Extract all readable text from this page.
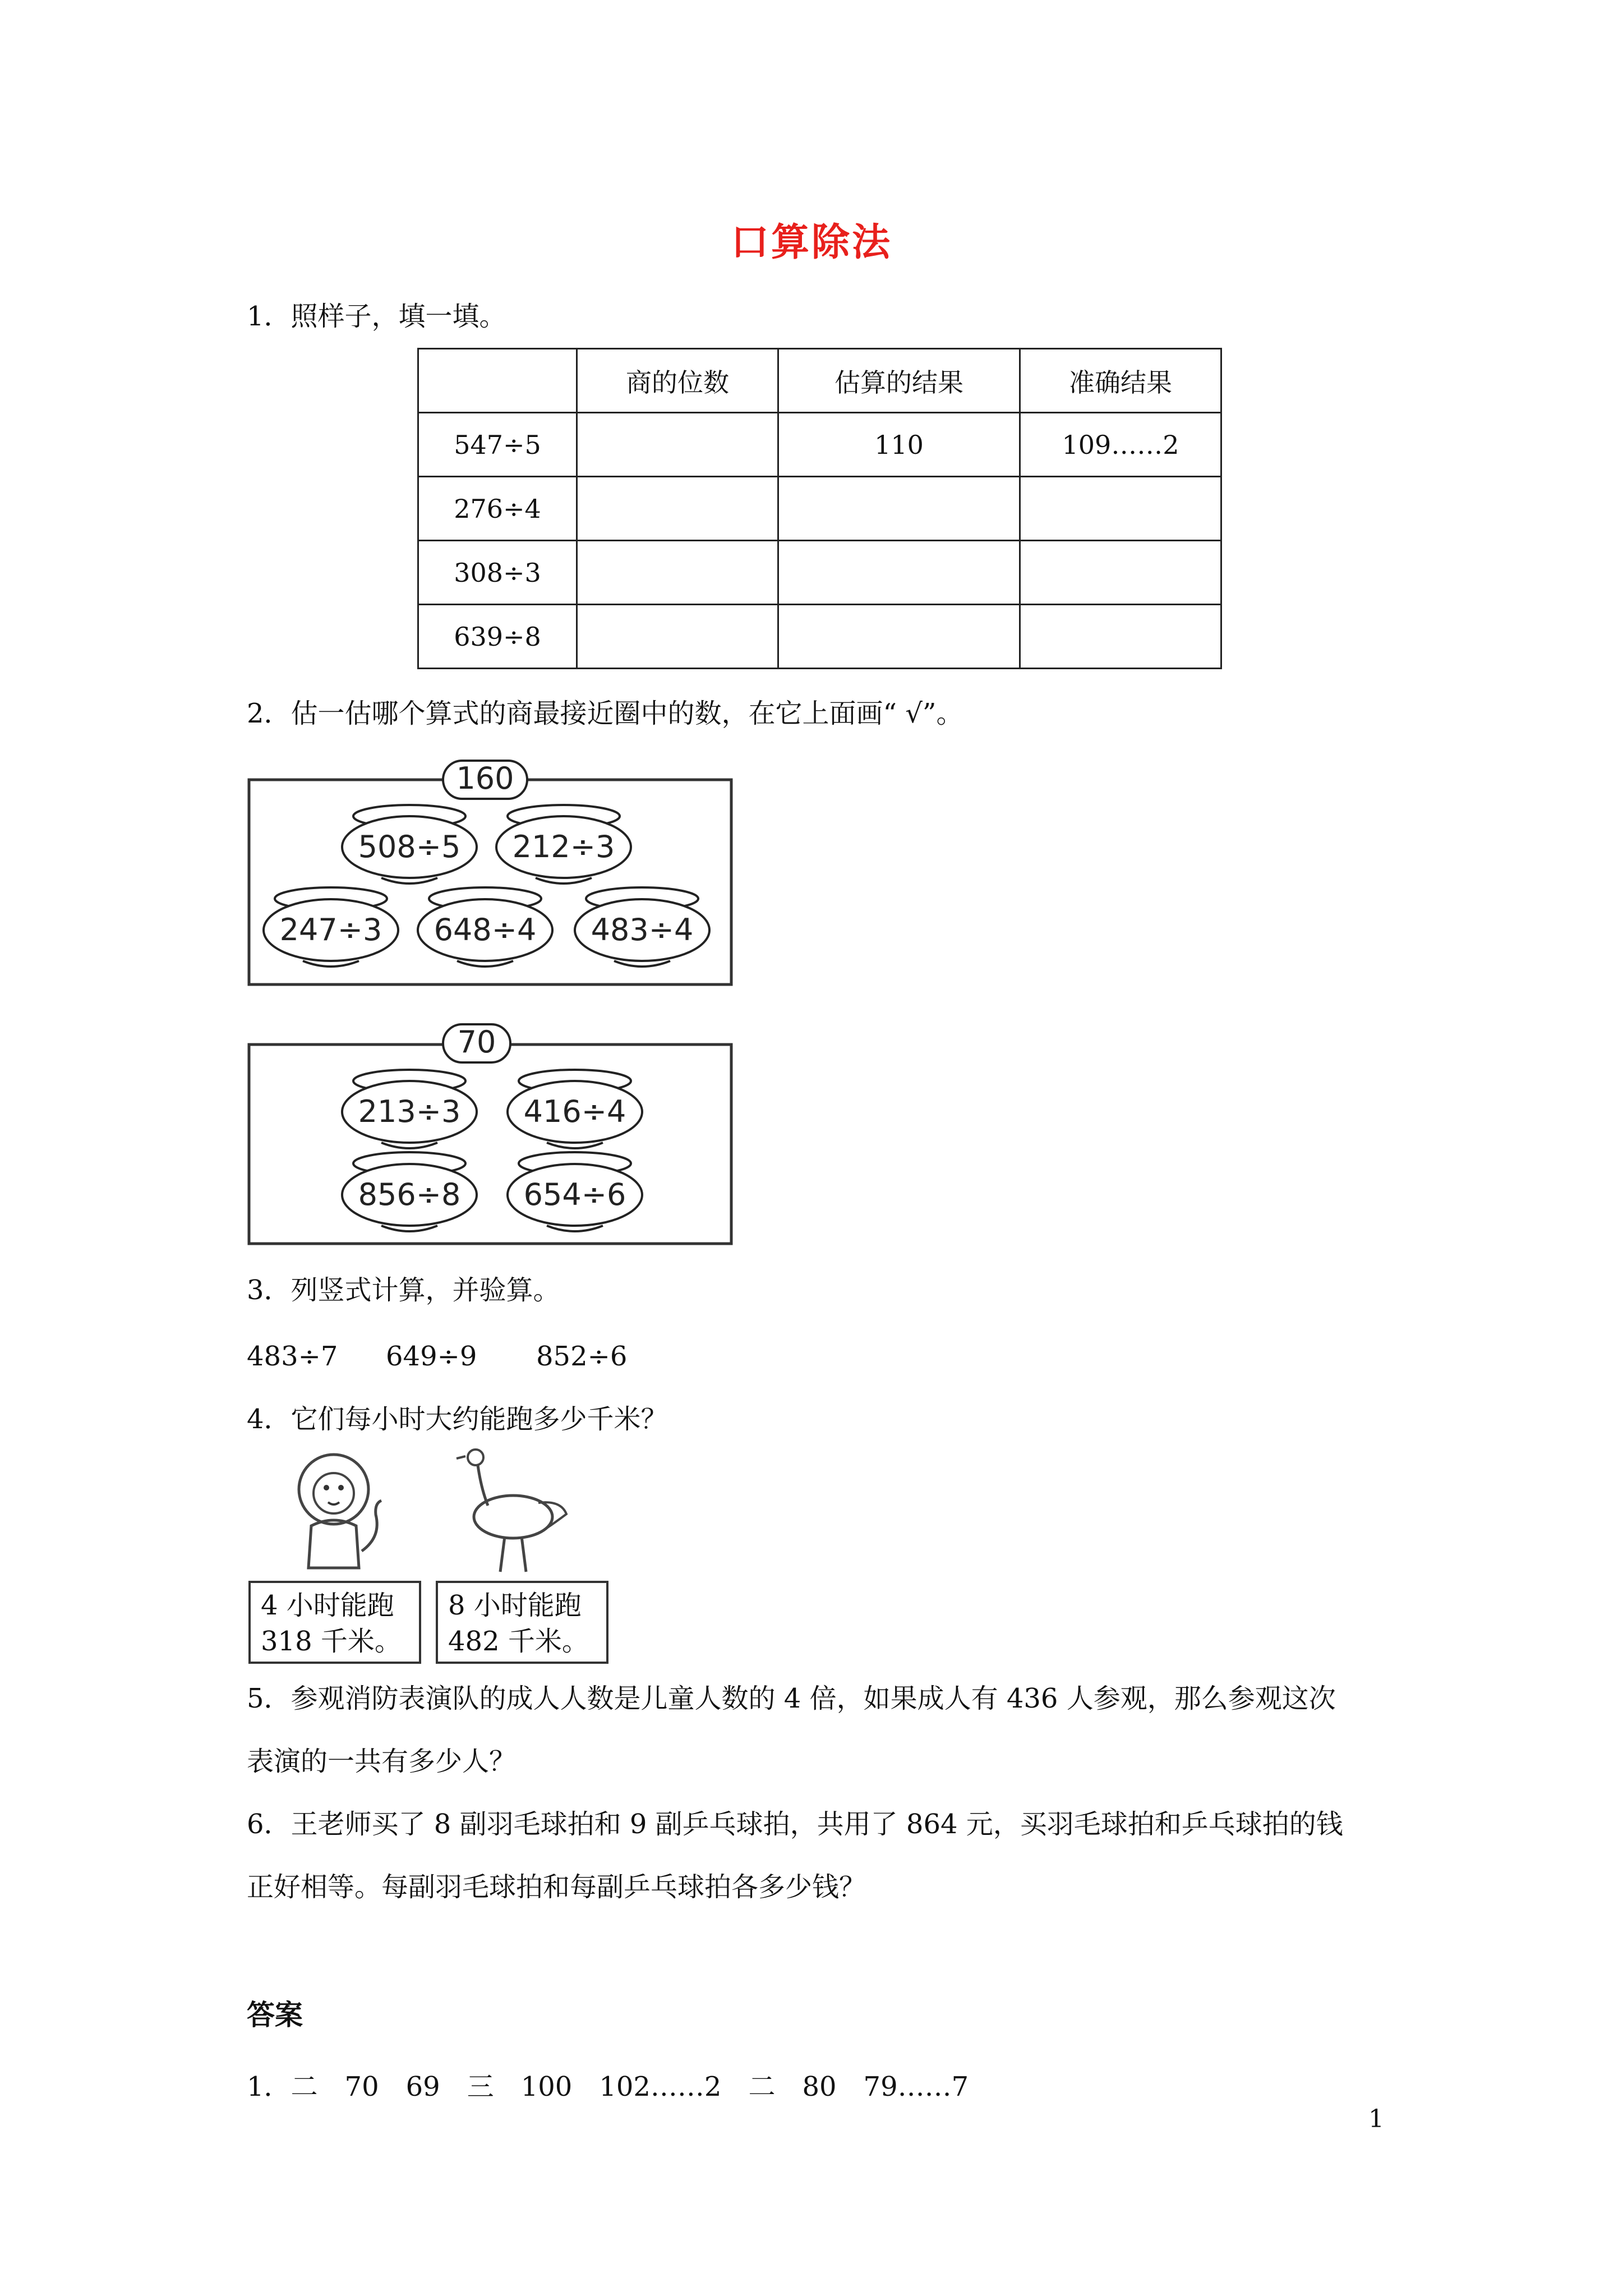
口算除法
1．照样子，填一填。
	商的位数	估算的结果	准确结果
547÷5		110	109……2
276÷4			
308÷3			
639÷8			
2．估一估哪个算式的商最接近圈中的数，在它上面画“ √”。
160
508÷5 212÷3
247÷3 648÷4 483÷4
70
213÷3 416÷4
856÷8 654÷6
3．列竖式计算，并验算。
483÷7 649÷9 852÷6
4．它们每小时大约能跑多少千米？
4 小时能跑
318 千米。
8 小时能跑
482 千米。
5．参观消防表演队的成人人数是儿童人数的 4 倍，如果成人有 436 人参观，那么参观这次
表演的一共有多少人？
6．王老师买了 8 副羽毛球拍和 9 副乒乓球拍，共用了 864 元，买羽毛球拍和乒乓球拍的钱
正好相等。每副羽毛球拍和每副乒乓球拍各多少钱？
答案
1．二　70　69　三　100　102……2　二　80　79……7
1
